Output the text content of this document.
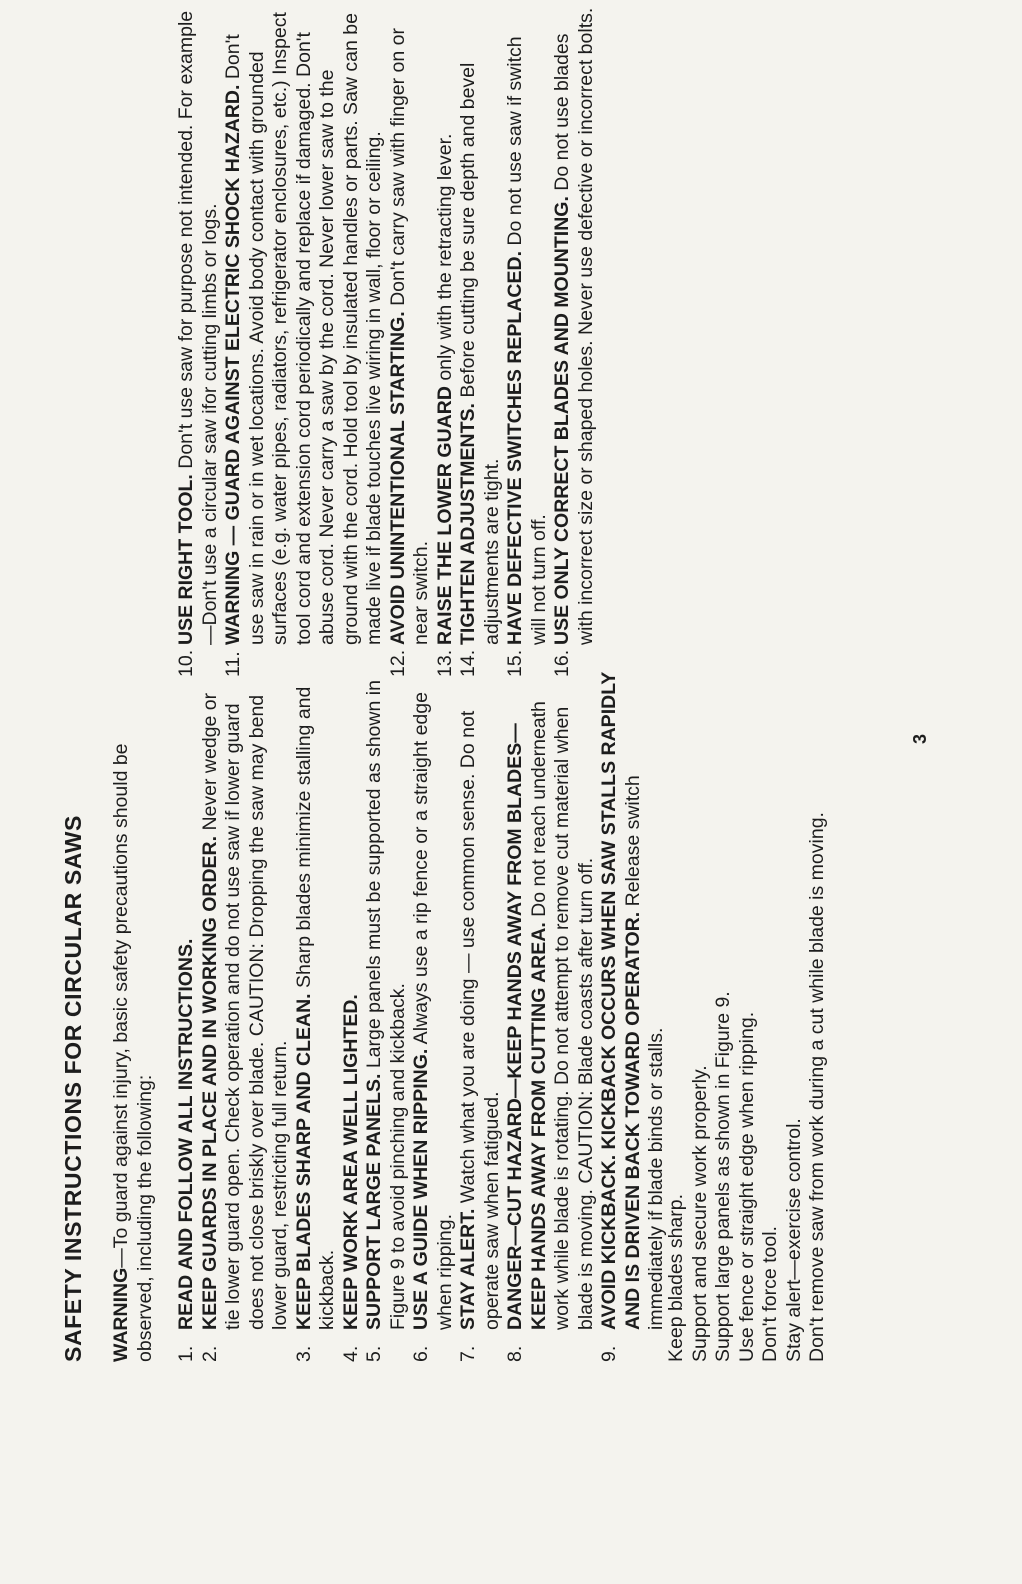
SAFETY INSTRUCTIONS FOR CIRCULAR SAWS WARNING—To guard against injury, basic safety precautions should be observed, including the following: 1.
READ AND FOLLOW ALL INSTRUCTIONS.
2.
KEEP GUARDS IN PLACE AND IN WORKING ORDER. Never wedge or tie lower guard open. Check operation and do not use saw if lower guard does not close briskly over blade. CAUTION: Dropping the saw may bend lower guard, restricting full return.
3.
KEEP BLADES SHARP AND CLEAN. Sharp blades minimize stalling and kickback.
4.
KEEP WORK AREA WELL LIGHTED.
5.
SUPPORT LARGE PANELS. Large panels must be supported as shown in Figure 9 to avoid pinching and kickback.
6.
USE A GUIDE WHEN RIPPING. Always use a rip fence or a straight edge when ripping.
7.
STAY ALERT. Watch what you are doing — use common sense. Do not operate saw when fatigued.
8.
DANGER—CUT HAZARD—KEEP HANDS AWAY FROM BLADES—KEEP HANDS AWAY FROM CUTTING AREA. Do not reach underneath work while blade is rotating. Do not attempt to remove cut material when blade is moving. CAUTION: Blade coasts after turn off.
9.
AVOID KICKBACK. KICKBACK OCCURS WHEN SAW STALLS RAPIDLY AND IS DRIVEN BACK TOWARD OPERATOR. Release switch immediately if blade binds or stalls.
Keep blades sharp. Support and secure work properly. Support large panels as shown in Figure 9. Use fence or straight edge when ripping. Don't force tool. Stay alert—exercise control. Don't remove saw from work during a cut while blade is moving.
10.
USE RIGHT TOOL. Don't use saw for purpose not intended. For example—Don't use a circular saw ifor cutting limbs or logs.
11.
WARNING — GUARD AGAINST ELECTRIC SHOCK HAZARD. Don't use saw in rain or in wet locations. Avoid body contact with grounded surfaces (e.g. water pipes, radiators, refrigerator enclosures, etc.) Inspect tool cord and extension cord periodically and replace if damaged. Don't abuse cord. Never carry a saw by the cord. Never lower saw to the ground with the cord. Hold tool by insulated handles or parts. Saw can be made live if blade touches live wiring in wall, floor or ceiling.
12.
AVOID UNINTENTIONAL STARTING. Don't carry saw with finger on or near switch.
13.
RAISE THE LOWER GUARD only with the retracting lever.
14.
TIGHTEN ADJUSTMENTS. Before cutting be sure depth and bevel adjustments are tight.
15.
HAVE DEFECTIVE SWITCHES REPLACED. Do not use saw if switch will not turn off.
16.
USE ONLY CORRECT BLADES AND MOUNTING. Do not use blades with incorrect size or shaped holes. Never use defective or incorrect bolts.
3
